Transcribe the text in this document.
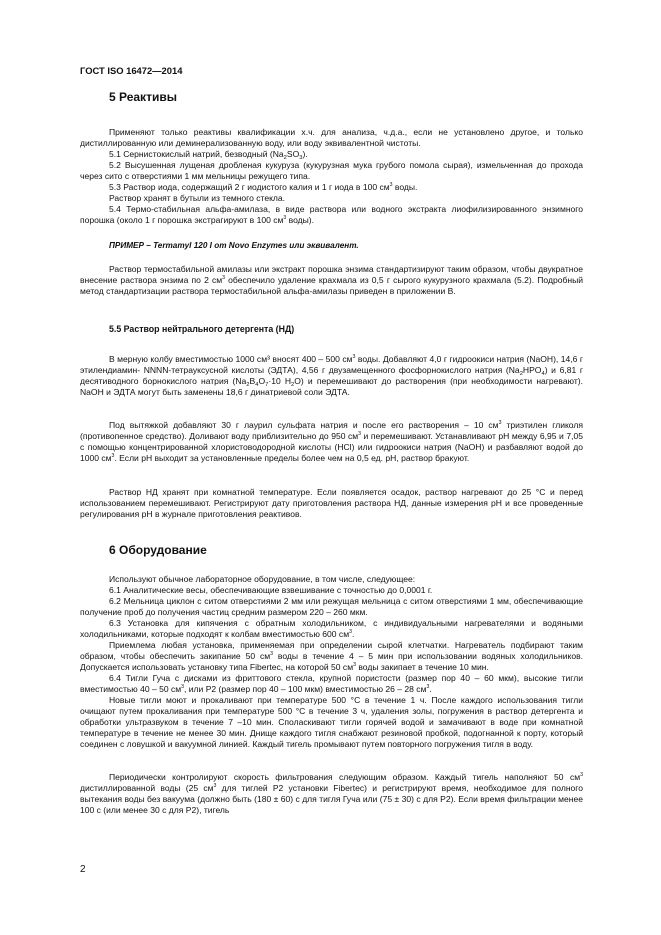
ГОСТ ISO 16472—2014
5 Реактивы

Применяют только реактивы квалификации х.ч. для анализа, ч.д.а., если не установлено другое, и только дистиллированную или деминерализованную воду, или воду эквивалентной чистоты.

5.1 Сернистокислый натрий, безводный $(Na_2SO_3)$.

5.2 Высушенная лущеная дробленая кукуруза (кукурузная мука грубого помола сырая), измельченная до прохода через сито с отверстиями 1 мм мельницы режущего типа.

5.3 Раствор иода, содержащий 2 г иодистого калия и 1 г иода в 100 $см^3$ воды.

Раствор хранят в бутыли из темного стекла.

5.4 Термо-стабильная альфа-амилаза, в виде раствора или водного экстракта лиофилизированного энзимного порошка (около 1 г порошка экстрагируют в 100 $см^3$ воды).

ПРИМЕР – Termamyl 120 I от Novo Enzymes или эквивалент.

Раствор термостабильной амилазы или экстракт порошка энзима стандартизируют таким образом, чтобы двукратное внесение раствора энзима по 2 $см^3$ обеспечило удаление крахмала из 0,5 г сырого кукурузного крахмала (5.2). Подробный метод стандартизации раствора термостабильной альфа-амилазы приведен в приложении В.

5.5 Раствор нейтрального детергента (НД)

В мерную колбу вместимостью 1000 см³ вносят 400 – 500 $см^3$ воды. Добавляют 4,0 г гидроокиси натрия (NaOH), 14,6 г этилендиамин- NNNN-тетрауксусной кислоты (ЭДТА), 4,56 г двузамещенного фосфорнокислого натрия $(Na_2HPO_4)$ и 6,81 г десятиводного борнокислого натрия ($Na_2B_4O_7\cdot 10$ $H_2O$) и перемешивают до растворения (при необходимости нагревают). NaOH и ЭДТА могут быть заменены 18,6 г динатриевой соли ЭДТА.

Под вытяжкой добавляют 30 г лаурил сульфата натрия и после его растворения – 10 $см^3$ триэтилен гликоля (противопенное средство). Доливают воду приблизительно до 950 $см^3$ и перемешивают. Устанавливают рН между 6,95 и 7,05 с помощью концентрированной хлористоводородной кислоты (HCl) или гидроокиси натрия (NaOH) и разбавляют водой до 1000 $см^3$. Если рН выходит за установленные пределы более чем на 0,5 ед. рН, раствор бракуют.

Раствор НД хранят при комнатной температуре. Если появляется осадок, раствор нагревают до 25 °С и перед использованием перемешивают. Регистрируют дату приготовления раствора НД, данные измерения рН и все проведенные регулирования рН в журнале приготовления реактивов.

6 Оборудование

Используют обычное лабораторное оборудование, в том числе, следующее:

6.1 Аналитические весы, обеспечивающие взвешивание с точностью до 0,0001 г.

6.2 Мельница циклон с ситом отверстиями 2 мм или режущая мельница с ситом отверстиями 1 мм, обеспечивающие получение проб до получения частиц средним размером 220 – 260 мкм.

6.3 Установка для кипячения с обратным холодильником, с индивидуальными нагревателями и водяными холодильниками, которые подходят к колбам вместимостью 600 $см^3$.

Приемлема любая установка, применяемая при определении сырой клетчатки. Нагреватель подбирают таким образом, чтобы обеспечить закипание 50 $см^3$ воды в течение 4 – 5 мин при использовании водяных холодильников. Допускается использовать установку типа Fibertec, на которой 50 $см^3$ воды закипает в течение 10 мин.

6.4 Тигли Гуча с дисками из фриттового стекла, крупной пористости (размер пор 40 – 60 мкм), высокие тигли вместимостью 40 – 50 $см^3$, или Р2 (размер пор 40 – 100 мкм) вместимостью 26 – 28 $см^3$.

Новые тигли моют и прокаливают при температуре 500 °С в течение 1 ч. После каждого использования тигли очищают путем прокаливания при температуре 500 °С в течение 3 ч, удаления золы, погружения в раствор детергента и обработки ультразвуком в течение 7 –10 мин. Споласкивают тигли горячей водой и замачивают в воде при комнатной температуре в течение не менее 30 мин. Днище каждого тигля снабжают резиновой пробкой, подогнанной к порту, который соединен с ловушкой и вакуумной линией. Каждый тигель промывают путем повторного погружения тигля в воду.

Периодически контролируют скорость фильтрования следующим образом. Каждый тигель наполняют 50 $см^3$ дистиллированной воды (25 $см^3$ для тиглей Р2 установки Fibertec) и регистрируют время, необходимое для полного вытекания воды без вакуума (должно быть (180 ± 60) с для тигля Гуча или (75 ± 30) с для Р2). Если время фильтрации менее 100 с (или менее 30 с для Р2), тигель

2
